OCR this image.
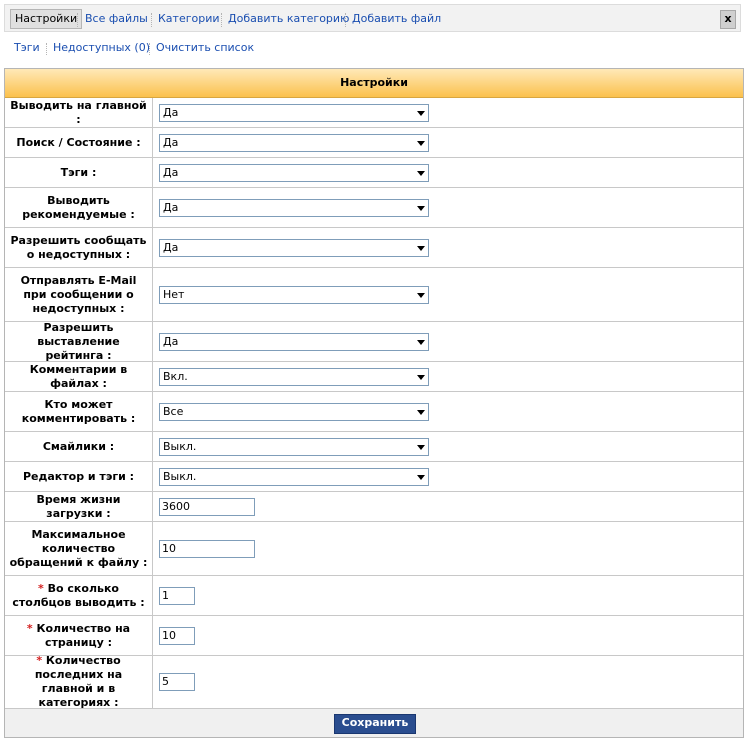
Настройки Все файлы Категории Добавить категорию Добавить файл	x
Тэги Недоступных (0) Очистить список
Настройки
Выводить на главной :	Да
Поиск / Состояние :	Да
Тэги :	Да
Выводить рекомендуемые :	Да
Разрешить сообщать о недоступных :	Да
Отправлять E-Mail при сообщении о недоступных :
Нет
Разрешить выставление рейтинга :
Да
Комментарии в файлах :	Вкл.
Кто может комментировать :	Все
Смайлики :	Выкл.
Редактор и тэги :	Выкл.
Время жизни загрузки :	3600
Максимальное количество обращений к файлу :
10
* Во сколько столбцов выводить :	1
* Количество на страницу :	10
* Количество последних на главной и в категориях :
5
Сохранить
